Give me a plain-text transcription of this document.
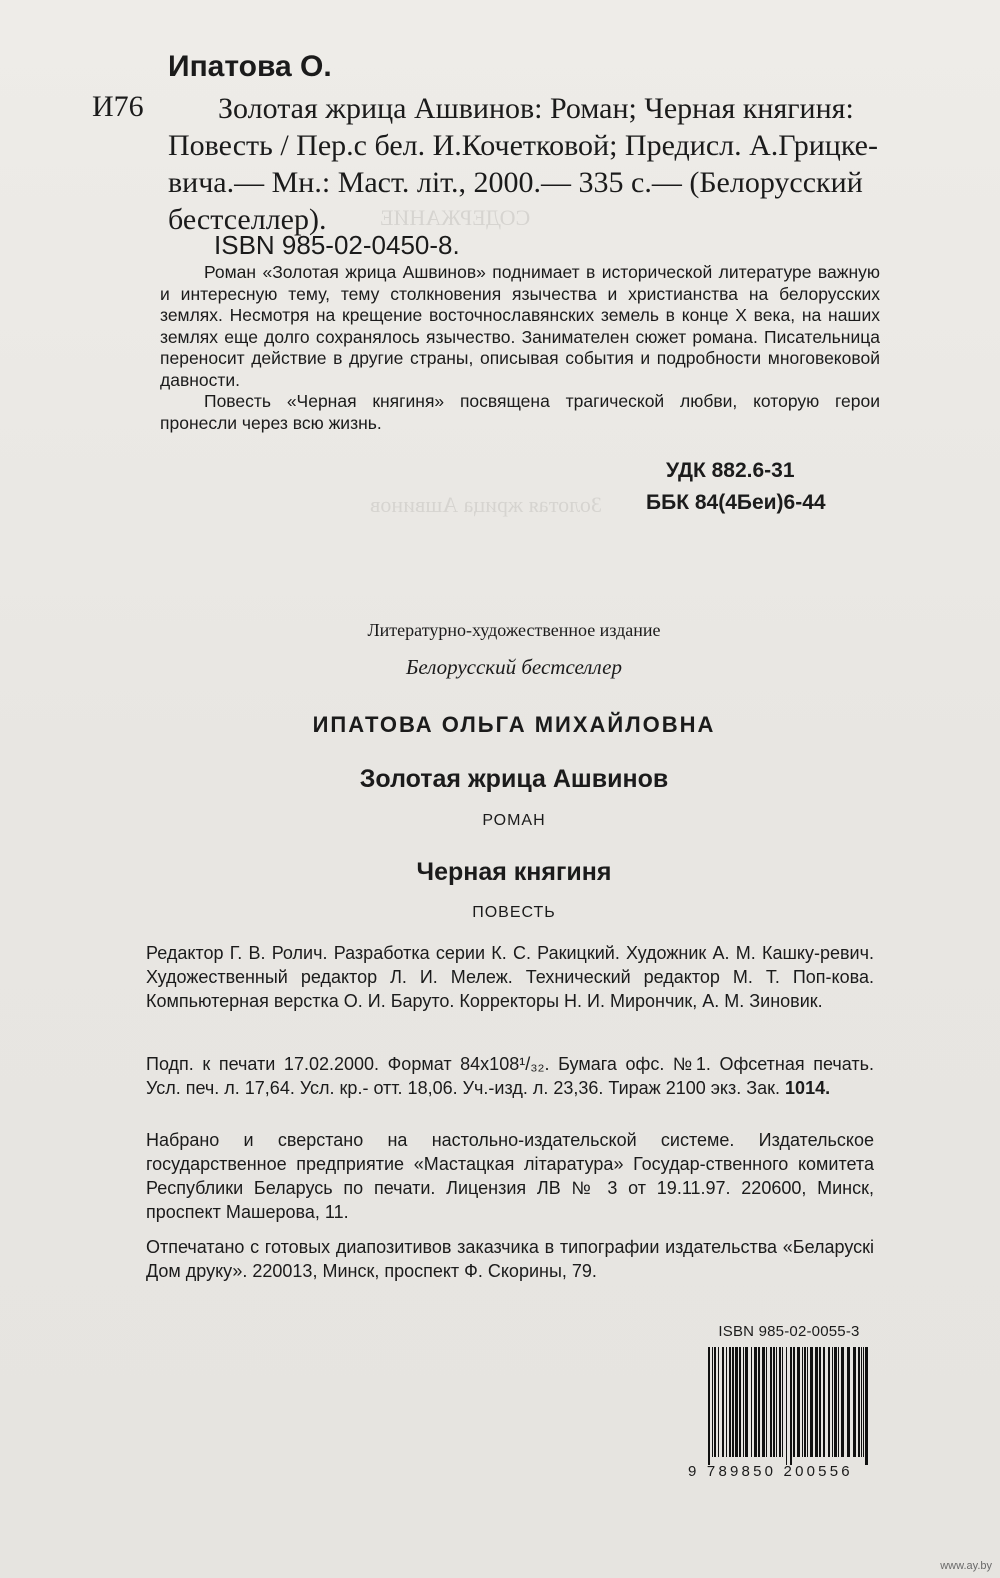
СОДЕРЖАНИЕ
Золотая жрица Ашвинов
Ипатова О.
И76	Золотая жрица Ашвинов: Роман; Черная княгиня:
Повесть / Пер.с бел. И.Кочетковой; Предисл. А.Грицке-
вича.— Мн.: Маст. літ., 2000.— 335 с.— (Белорусский
бестселлер).
ISBN 985-02-0450-8.

Роман «Золотая жрица Ашвинов» поднимает в исторической литературе важную и интересную тему, тему столкновения язычества и христианства на белорусских землях. Несмотря на крещение восточнославянских земель в конце X века, на наших землях еще долго сохранялось язычество. Занимателен сюжет романа. Писательница переносит действие в другие страны, описывая события и подробности многовековой давности.

Повесть «Черная княгиня» посвящена трагической любви, которую герои пронесли через всю жизнь.

УДК 882.6-31
ББК 84(4Беи)6-44
Литературно-художественное издание
Белорусский бестселлер
ИПАТОВА ОЛЬГА МИХАЙЛОВНА
Золотая жрица Ашвинов
РОМАН
Черная княгиня
ПОВЕСТЬ
Редактор Г. В. Ролич. Разработка серии К. С. Ракицкий. Художник А. М. Кашку-ревич. Художественный редактор Л. И. Мележ. Технический редактор М. Т. Поп-кова. Компьютерная верстка О. И. Баруто. Корректоры Н. И. Мирончик, А. М. Зиновик.
Подп. к печати 17.02.2000. Формат 84х108¹/₃₂. Бумага офс. №1. Офсетная печать. Усл. печ. л. 17,64. Усл. кр.- отт. 18,06. Уч.-изд. л. 23,36. Тираж 2100 экз. Зак. 1014.
Набрано и сверстано на настольно-издательской системе. Издательское государственное предприятие «Мастацкая літаратура» Государ-ственного комитета Республики Беларусь по печати. Лицензия ЛВ № 3 от 19.11.97. 220600, Минск, проспект Машерова, 11.
Отпечатано с готовых диапозитивов заказчика в типографии издательства «Беларускі Дом друку». 220013, Минск, проспект Ф. Скорины, 79.
ISBN 985-02-0055-3
9 789850 200556
www.ay.by
